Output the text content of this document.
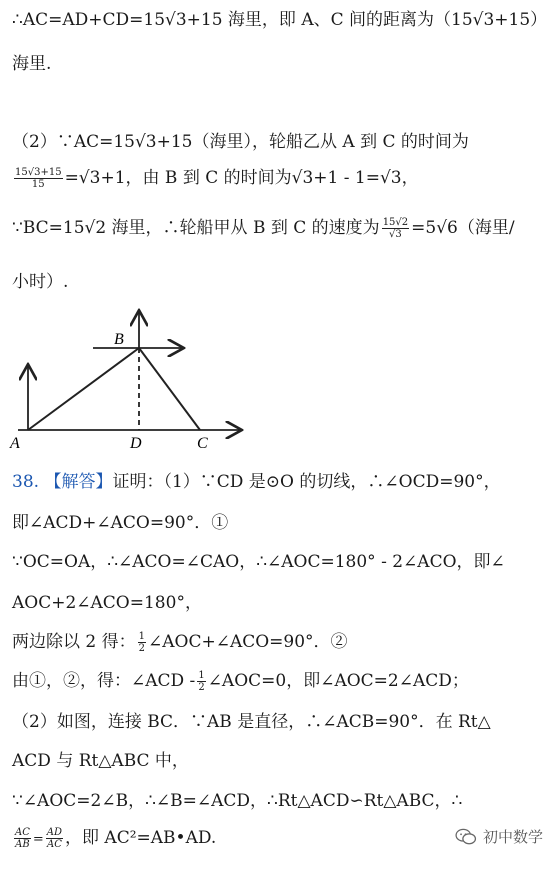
∴AC=AD+CD=15√3+15 海里，即 A、C 间的距离为（15√3+15）
海里.
（2）∵AC=15√3+15（海里），轮船乙从 A 到 C 的时间为
$\frac{15√3+15}{15} =√3+1$，由 B 到 C 的时间为√3+1 - 1=√3，
∵BC=15√2 海里，∴轮船甲从 B 到 C 的速度为 $\frac{15√2}{√3} =5√6$（海里/
小时）.
A
B
D	C
38. 【解答】证明：（1）∵CD 是⊙O 的切线，∴∠OCD=90°，
即∠ACD+∠ACO=90°．①
∵OC=OA，∴∠ACO=∠CAO，∴∠AOC=180° - 2∠ACO，即∠
AOC+2∠ACO=180°，
两边除以 2 得： $\frac{1}{2}$ ∠AOC+∠ACO=90°．②
由①，②，得：∠ACD - $\frac{1}{2}$ ∠AOC=0，即∠AOC=2∠ACD；
（2）如图，连接 BC．∵AB 是直径，∴∠ACB=90°．在 Rt△
ACD 与 Rt△ABC 中，
∵∠AOC=2∠B，∴∠B=∠ACD，∴Rt△ACD∽Rt△ABC，∴
$\frac{AC}{AB} = \frac{AD}{AC}$ ，即 AC²=AB•AD.	初中数学
